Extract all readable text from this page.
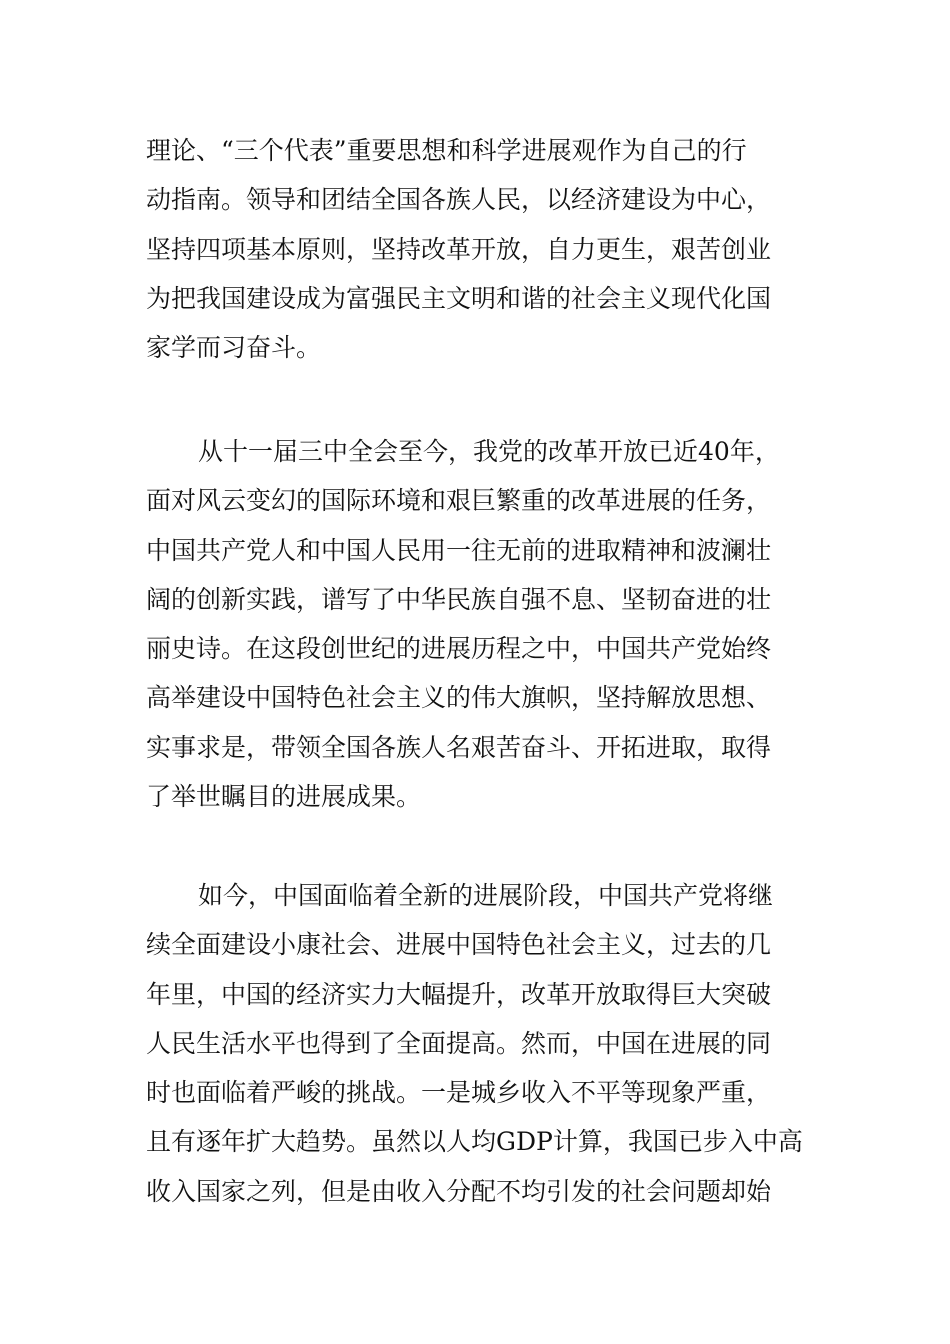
理论、“三个代表”重要思想和科学进展观作为自己的行
动指南。领导和团结全国各族人民，以经济建设为中心，
坚持四项基本原则，坚持改革开放，自力更生，艰苦创业
为把我国建设成为富强民主文明和谐的社会主义现代化国
家学而习奋斗。
从十一届三中全会至今，我党的改革开放已近40年，
面对风云变幻的国际环境和艰巨繁重的改革进展的任务，
中国共产党人和中国人民用一往无前的进取精神和波澜壮
阔的创新实践，谱写了中华民族自强不息、坚韧奋进的壮
丽史诗。在这段创世纪的进展历程之中，中国共产党始终
高举建设中国特色社会主义的伟大旗帜，坚持解放思想、
实事求是，带领全国各族人名艰苦奋斗、开拓进取，取得
了举世瞩目的进展成果。
如今，中国面临着全新的进展阶段，中国共产党将继
续全面建设小康社会、进展中国特色社会主义，过去的几
年里，中国的经济实力大幅提升，改革开放取得巨大突破
人民生活水平也得到了全面提高。然而，中国在进展的同
时也面临着严峻的挑战。一是城乡收入不平等现象严重，
且有逐年扩大趋势。虽然以人均GDP计算，我国已步入中高
收入国家之列，但是由收入分配不均引发的社会问题却始
